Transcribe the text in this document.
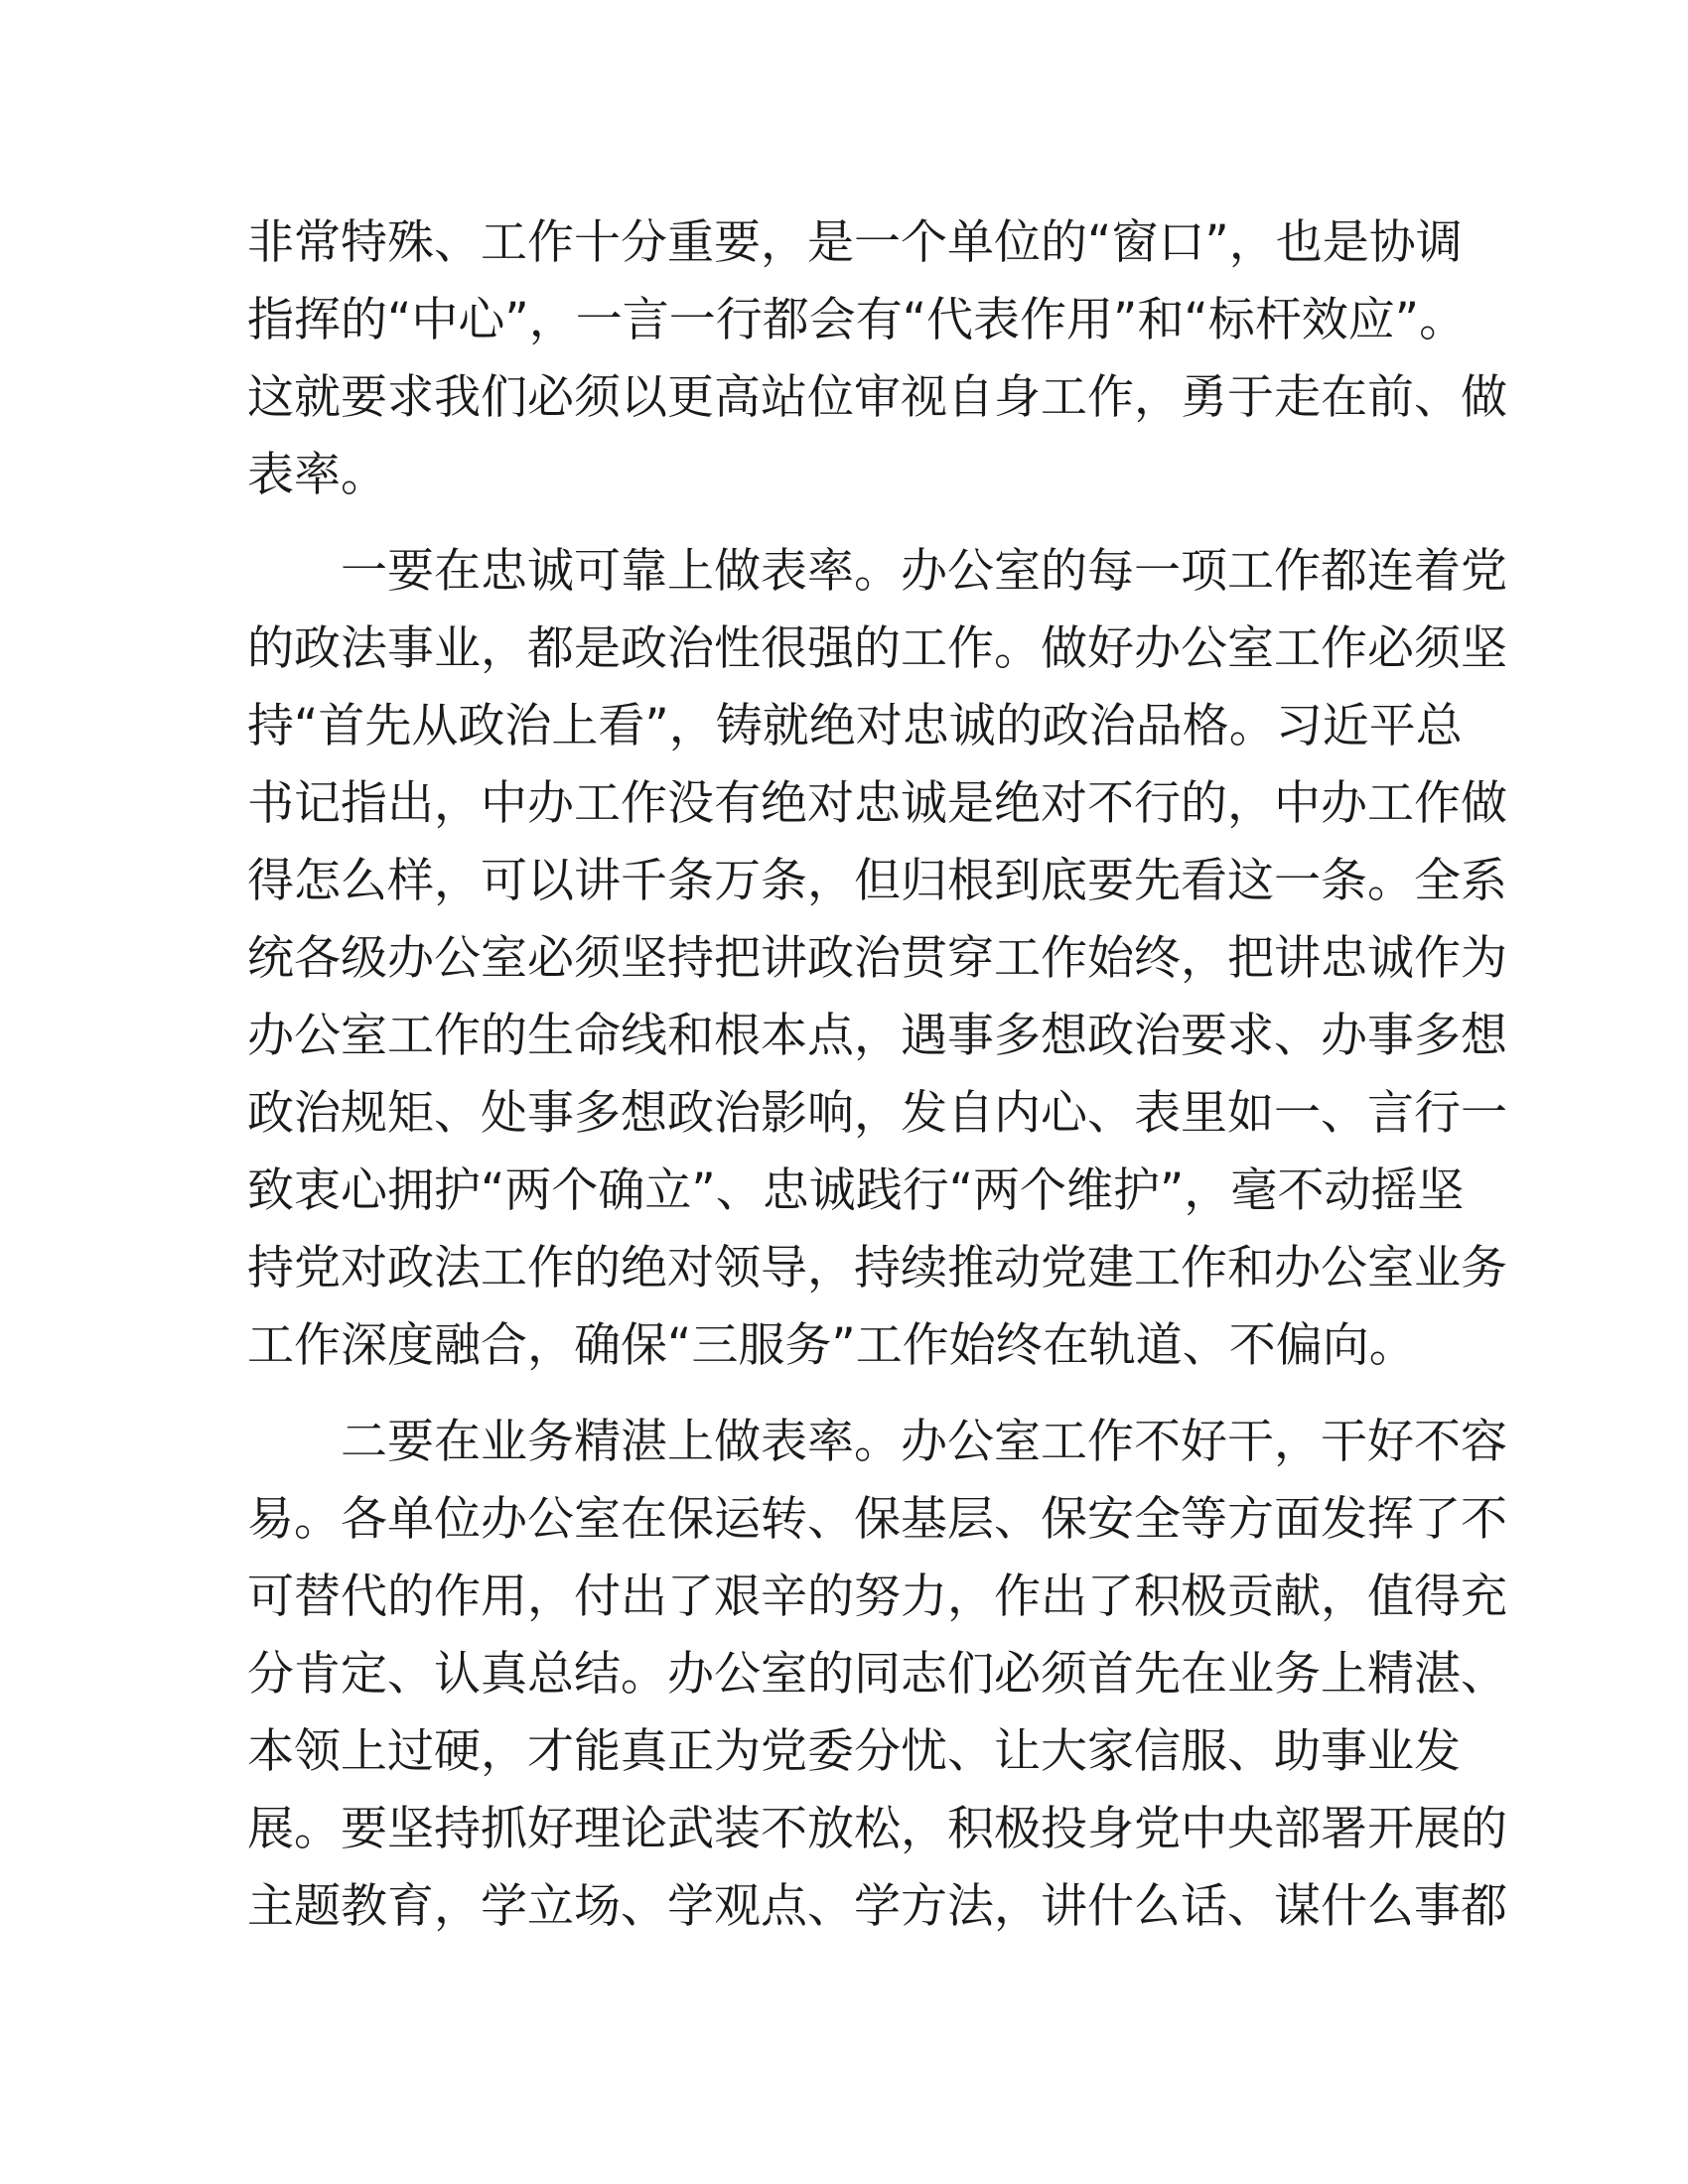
非常特殊、工作十分重要，是一个单位的“窗口”，也是协调
指挥的“中心”，一言一行都会有“代表作用”和“标杆效应”。
这就要求我们必须以更高站位审视自身工作，勇于走在前、做
表率。
一要在忠诚可靠上做表率。办公室的每一项工作都连着党
的政法事业，都是政治性很强的工作。做好办公室工作必须坚
持“首先从政治上看”，铸就绝对忠诚的政治品格。习近平总
书记指出，中办工作没有绝对忠诚是绝对不行的，中办工作做
得怎么样，可以讲千条万条，但归根到底要先看这一条。全系
统各级办公室必须坚持把讲政治贯穿工作始终，把讲忠诚作为
办公室工作的生命线和根本点，遇事多想政治要求、办事多想
政治规矩、处事多想政治影响，发自内心、表里如一、言行一
致衷心拥护“两个确立”、忠诚践行“两个维护”，毫不动摇坚
持党对政法工作的绝对领导，持续推动党建工作和办公室业务
工作深度融合，确保“三服务”工作始终在轨道、不偏向。
二要在业务精湛上做表率。办公室工作不好干，干好不容
易。各单位办公室在保运转、保基层、保安全等方面发挥了不
可替代的作用，付出了艰辛的努力，作出了积极贡献，值得充
分肯定、认真总结。办公室的同志们必须首先在业务上精湛、
本领上过硬，才能真正为党委分忧、让大家信服、助事业发
展。要坚持抓好理论武装不放松，积极投身党中央部署开展的
主题教育，学立场、学观点、学方法，讲什么话、谋什么事都
